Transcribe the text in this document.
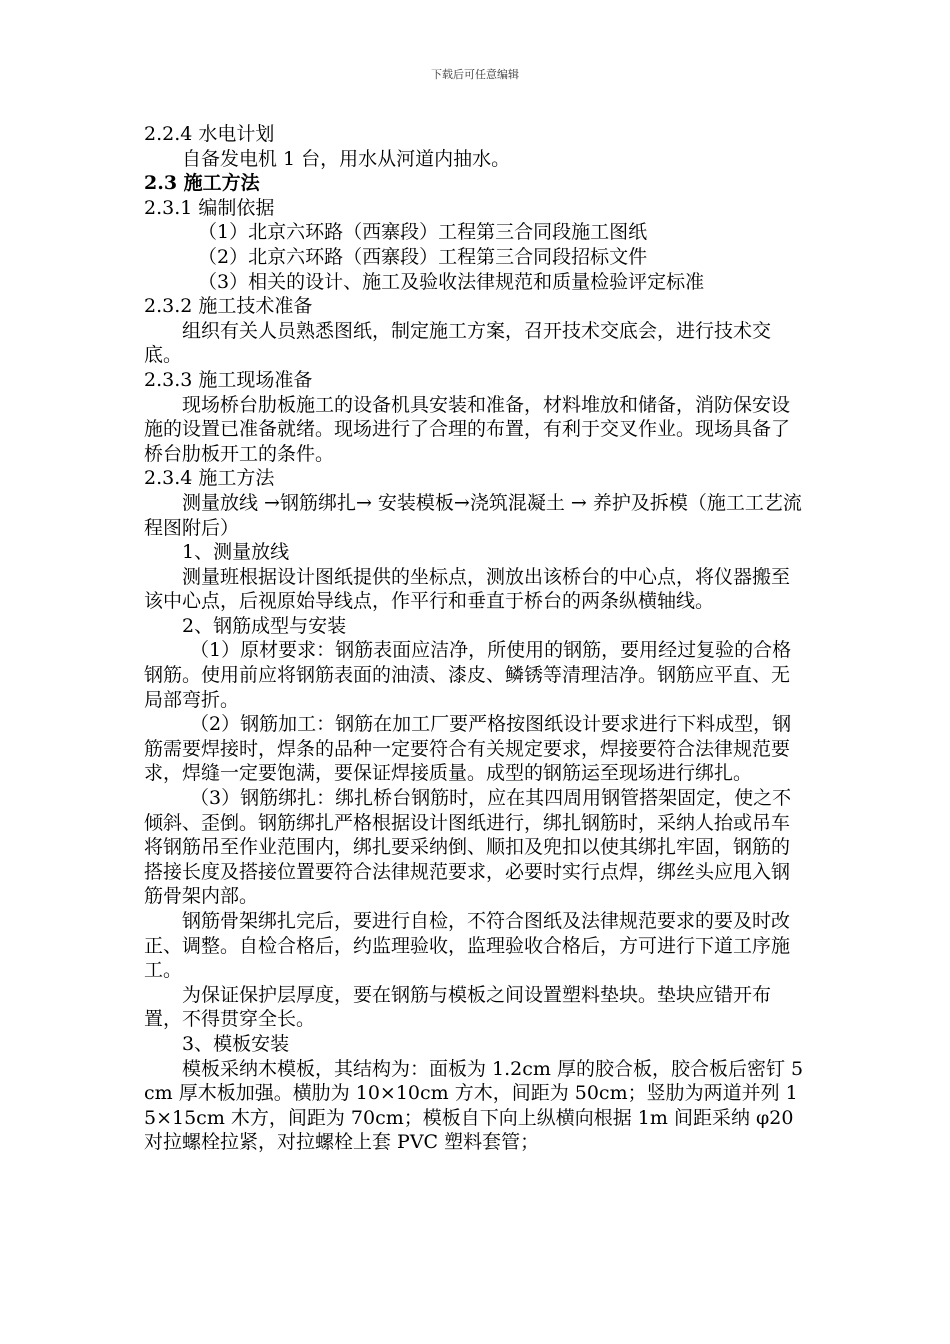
下载后可任意编辑

2.2.4 水电计划

自备发电机 1 台，用水从河道内抽水。

2.3 施工方法

2.3.1 编制依据

（1）北京六环路（西寨段）工程第三合同段施工图纸

（2）北京六环路（西寨段）工程第三合同段招标文件

（3）相关的设计、施工及验收法律规范和质量检验评定标准

2.3.2 施工技术准备

组织有关人员熟悉图纸，制定施工方案，召开技术交底会，进行技术交底。

2.3.3 施工现场准备

现场桥台肋板施工的设备机具安装和准备，材料堆放和储备，消防保安设施的设置已准备就绪。现场进行了合理的布置，有利于交叉作业。现场具备了桥台肋板开工的条件。

2.3.4 施工方法

测量放线 →钢筋绑扎→ 安装模板→浇筑混凝土 → 养护及拆模（施工工艺流程图附后）

1、测量放线

测量班根据设计图纸提供的坐标点，测放出该桥台的中心点，将仪器搬至该中心点，后视原始导线点，作平行和垂直于桥台的两条纵横轴线。

2、钢筋成型与安装

（1）原材要求：钢筋表面应洁净，所使用的钢筋，要用经过复验的合格钢筋。使用前应将钢筋表面的油渍、漆皮、鳞锈等清理洁净。钢筋应平直、无局部弯折。

（2）钢筋加工：钢筋在加工厂要严格按图纸设计要求进行下料成型，钢筋需要焊接时，焊条的品种一定要符合有关规定要求，焊接要符合法律规范要求，焊缝一定要饱满，要保证焊接质量。成型的钢筋运至现场进行绑扎。

（3）钢筋绑扎：绑扎桥台钢筋时，应在其四周用钢管搭架固定，使之不倾斜、歪倒。钢筋绑扎严格根据设计图纸进行，绑扎钢筋时，采纳人抬或吊车将钢筋吊至作业范围内，绑扎要采纳倒、顺扣及兜扣以使其绑扎牢固，钢筋的搭接长度及搭接位置要符合法律规范要求，必要时实行点焊，绑丝头应甩入钢筋骨架内部。

钢筋骨架绑扎完后，要进行自检，不符合图纸及法律规范要求的要及时改正、调整。自检合格后，约监理验收，监理验收合格后，方可进行下道工序施工。

为保证保护层厚度，要在钢筋与模板之间设置塑料垫块。垫块应错开布置，不得贯穿全长。

3、模板安装

模板采纳木模板，其结构为：面板为 1.2cm 厚的胶合板，胶合板后密钉 5cm 厚木板加强。横肋为 10×10cm 方木，间距为 50cm；竖肋为两道并列 15×15cm 木方，间距为 70cm；模板自下向上纵横向根据 1m 间距采纳 φ20 对拉螺栓拉紧，对拉螺栓上套 PVC 塑料套管；
